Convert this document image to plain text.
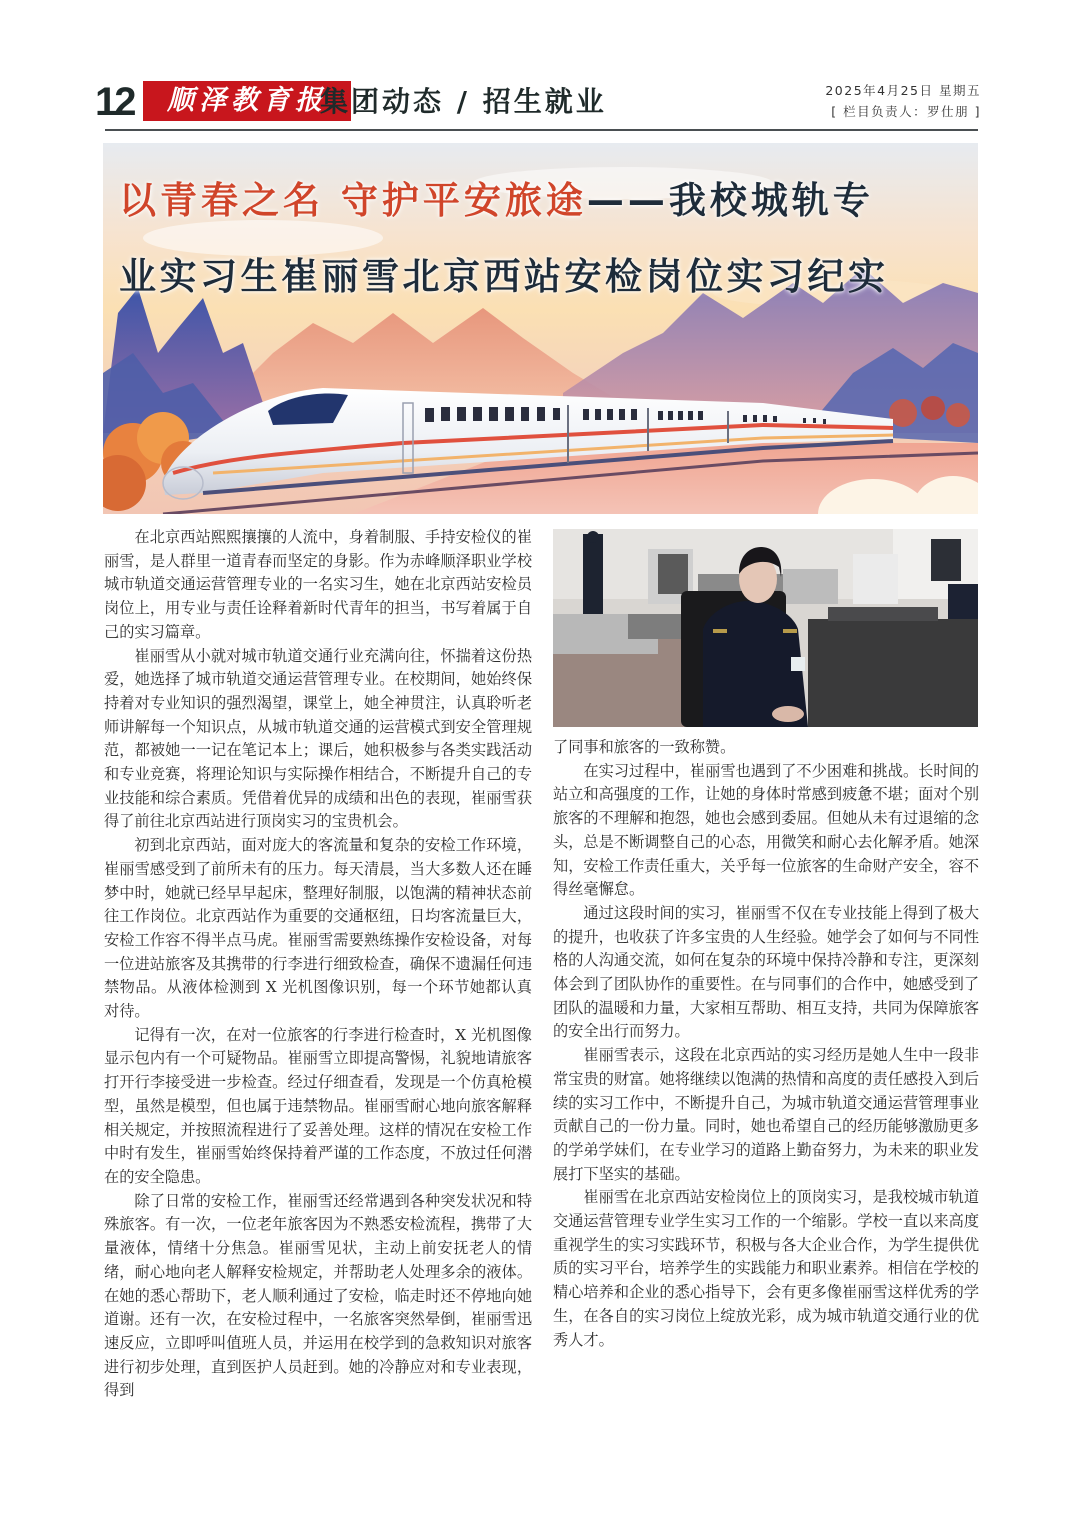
12	顺泽教育报
集团动态 / 招生就业	2025年4月25日 星期五
[ 栏目负责人：罗仕朋 ]
以青春之名 守护平安旅途——我校城轨专
业实习生崔丽雪北京西站安检岗位实习纪实

在北京西站熙熙攘攘的人流中，身着制服、手持安检仪的崔丽雪，是人群里一道青春而坚定的身影。作为赤峰顺泽职业学校城市轨道交通运营管理专业的一名实习生，她在北京西站安检员岗位上，用专业与责任诠释着新时代青年的担当，书写着属于自己的实习篇章。

崔丽雪从小就对城市轨道交通行业充满向往，怀揣着这份热爱，她选择了城市轨道交通运营管理专业。在校期间，她始终保持着对专业知识的强烈渴望，课堂上，她全神贯注，认真聆听老师讲解每一个知识点，从城市轨道交通的运营模式到安全管理规范，都被她一一记在笔记本上；课后，她积极参与各类实践活动和专业竞赛，将理论知识与实际操作相结合，不断提升自己的专业技能和综合素质。凭借着优异的成绩和出色的表现，崔丽雪获得了前往北京西站进行顶岗实习的宝贵机会。

初到北京西站，面对庞大的客流量和复杂的安检工作环境，崔丽雪感受到了前所未有的压力。每天清晨，当大多数人还在睡梦中时，她就已经早早起床，整理好制服，以饱满的精神状态前往工作岗位。北京西站作为重要的交通枢纽，日均客流量巨大，安检工作容不得半点马虎。崔丽雪需要熟练操作安检设备，对每一位进站旅客及其携带的行李进行细致检查，确保不遗漏任何违禁物品。从液体检测到 X 光机图像识别，每一个环节她都认真对待。

记得有一次，在对一位旅客的行李进行检查时，X 光机图像显示包内有一个可疑物品。崔丽雪立即提高警惕，礼貌地请旅客打开行李接受进一步检查。经过仔细查看，发现是一个仿真枪模型，虽然是模型，但也属于违禁物品。崔丽雪耐心地向旅客解释相关规定，并按照流程进行了妥善处理。这样的情况在安检工作中时有发生，崔丽雪始终保持着严谨的工作态度，不放过任何潜在的安全隐患。

除了日常的安检工作，崔丽雪还经常遇到各种突发状况和特殊旅客。有一次，一位老年旅客因为不熟悉安检流程，携带了大量液体，情绪十分焦急。崔丽雪见状，主动上前安抚老人的情绪，耐心地向老人解释安检规定，并帮助老人处理多余的液体。在她的悉心帮助下，老人顺利通过了安检，临走时还不停地向她道谢。还有一次，在安检过程中，一名旅客突然晕倒，崔丽雪迅速反应，立即呼叫值班人员，并运用在校学到的急救知识对旅客进行初步处理，直到医护人员赶到。她的冷静应对和专业表现，得到

了同事和旅客的一致称赞。

在实习过程中，崔丽雪也遇到了不少困难和挑战。长时间的站立和高强度的工作，让她的身体时常感到疲惫不堪；面对个别旅客的不理解和抱怨，她也会感到委屈。但她从未有过退缩的念头，总是不断调整自己的心态，用微笑和耐心去化解矛盾。她深知，安检工作责任重大，关乎每一位旅客的生命财产安全，容不得丝毫懈怠。

通过这段时间的实习，崔丽雪不仅在专业技能上得到了极大的提升，也收获了许多宝贵的人生经验。她学会了如何与不同性格的人沟通交流，如何在复杂的环境中保持冷静和专注，更深刻体会到了团队协作的重要性。在与同事们的合作中，她感受到了团队的温暖和力量，大家相互帮助、相互支持，共同为保障旅客的安全出行而努力。

崔丽雪表示，这段在北京西站的实习经历是她人生中一段非常宝贵的财富。她将继续以饱满的热情和高度的责任感投入到后续的实习工作中，不断提升自己，为城市轨道交通运营管理事业贡献自己的一份力量。同时，她也希望自己的经历能够激励更多的学弟学妹们，在专业学习的道路上勤奋努力，为未来的职业发展打下坚实的基础。

崔丽雪在北京西站安检岗位上的顶岗实习，是我校城市轨道交通运营管理专业学生实习工作的一个缩影。学校一直以来高度重视学生的实习实践环节，积极与各大企业合作，为学生提供优质的实习平台，培养学生的实践能力和职业素养。相信在学校的精心培养和企业的悉心指导下，会有更多像崔丽雪这样优秀的学生，在各自的实习岗位上绽放光彩，成为城市轨道交通行业的优秀人才。
